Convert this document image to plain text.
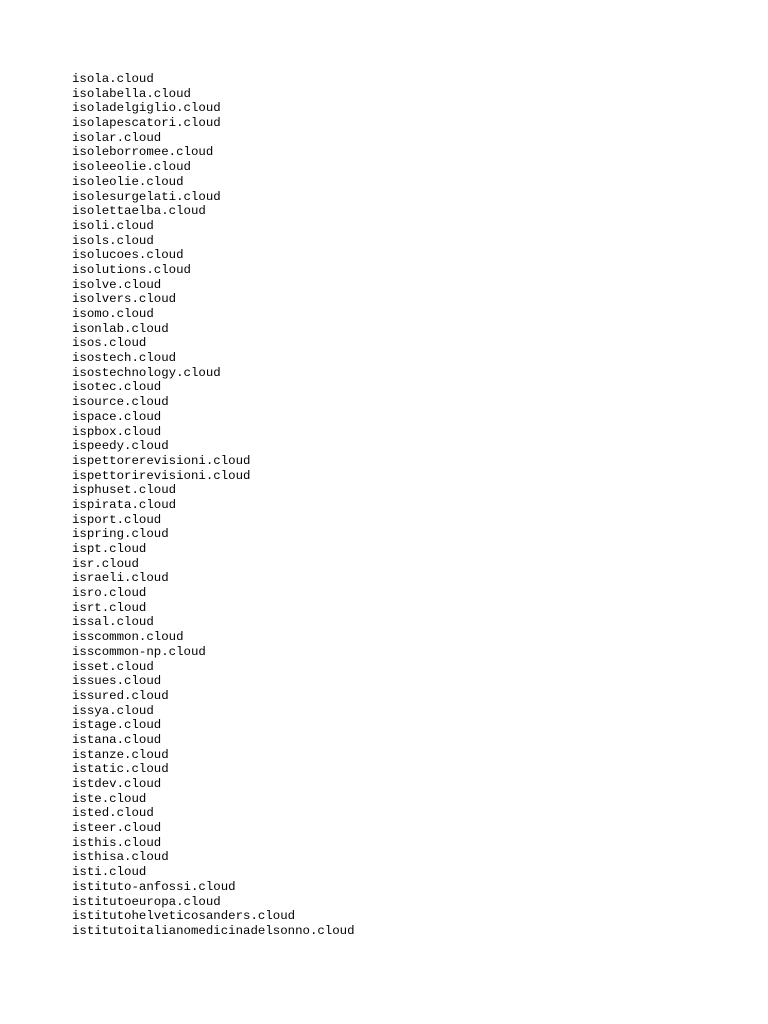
isola.cloud
isolabella.cloud
isoladelgiglio.cloud
isolapescatori.cloud
isolar.cloud
isoleborromee.cloud
isoleeolie.cloud
isoleolie.cloud
isolesurgelati.cloud
isolettaelba.cloud
isoli.cloud
isols.cloud
isolucoes.cloud
isolutions.cloud
isolve.cloud
isolvers.cloud
isomo.cloud
isonlab.cloud
isos.cloud
isostech.cloud
isostechnology.cloud
isotec.cloud
isource.cloud
ispace.cloud
ispbox.cloud
ispeedy.cloud
ispettorerevisioni.cloud
ispettorirevisioni.cloud
isphuset.cloud
ispirata.cloud
isport.cloud
ispring.cloud
ispt.cloud
isr.cloud
israeli.cloud
isro.cloud
isrt.cloud
issal.cloud
isscommon.cloud
isscommon-np.cloud
isset.cloud
issues.cloud
issured.cloud
issya.cloud
istage.cloud
istana.cloud
istanze.cloud
istatic.cloud
istdev.cloud
iste.cloud
isted.cloud
isteer.cloud
isthis.cloud
isthisa.cloud
isti.cloud
istituto-anfossi.cloud
istitutoeuropa.cloud
istitutohelveticosanders.cloud
istitutoitalianomedicinadelsonno.cloud
